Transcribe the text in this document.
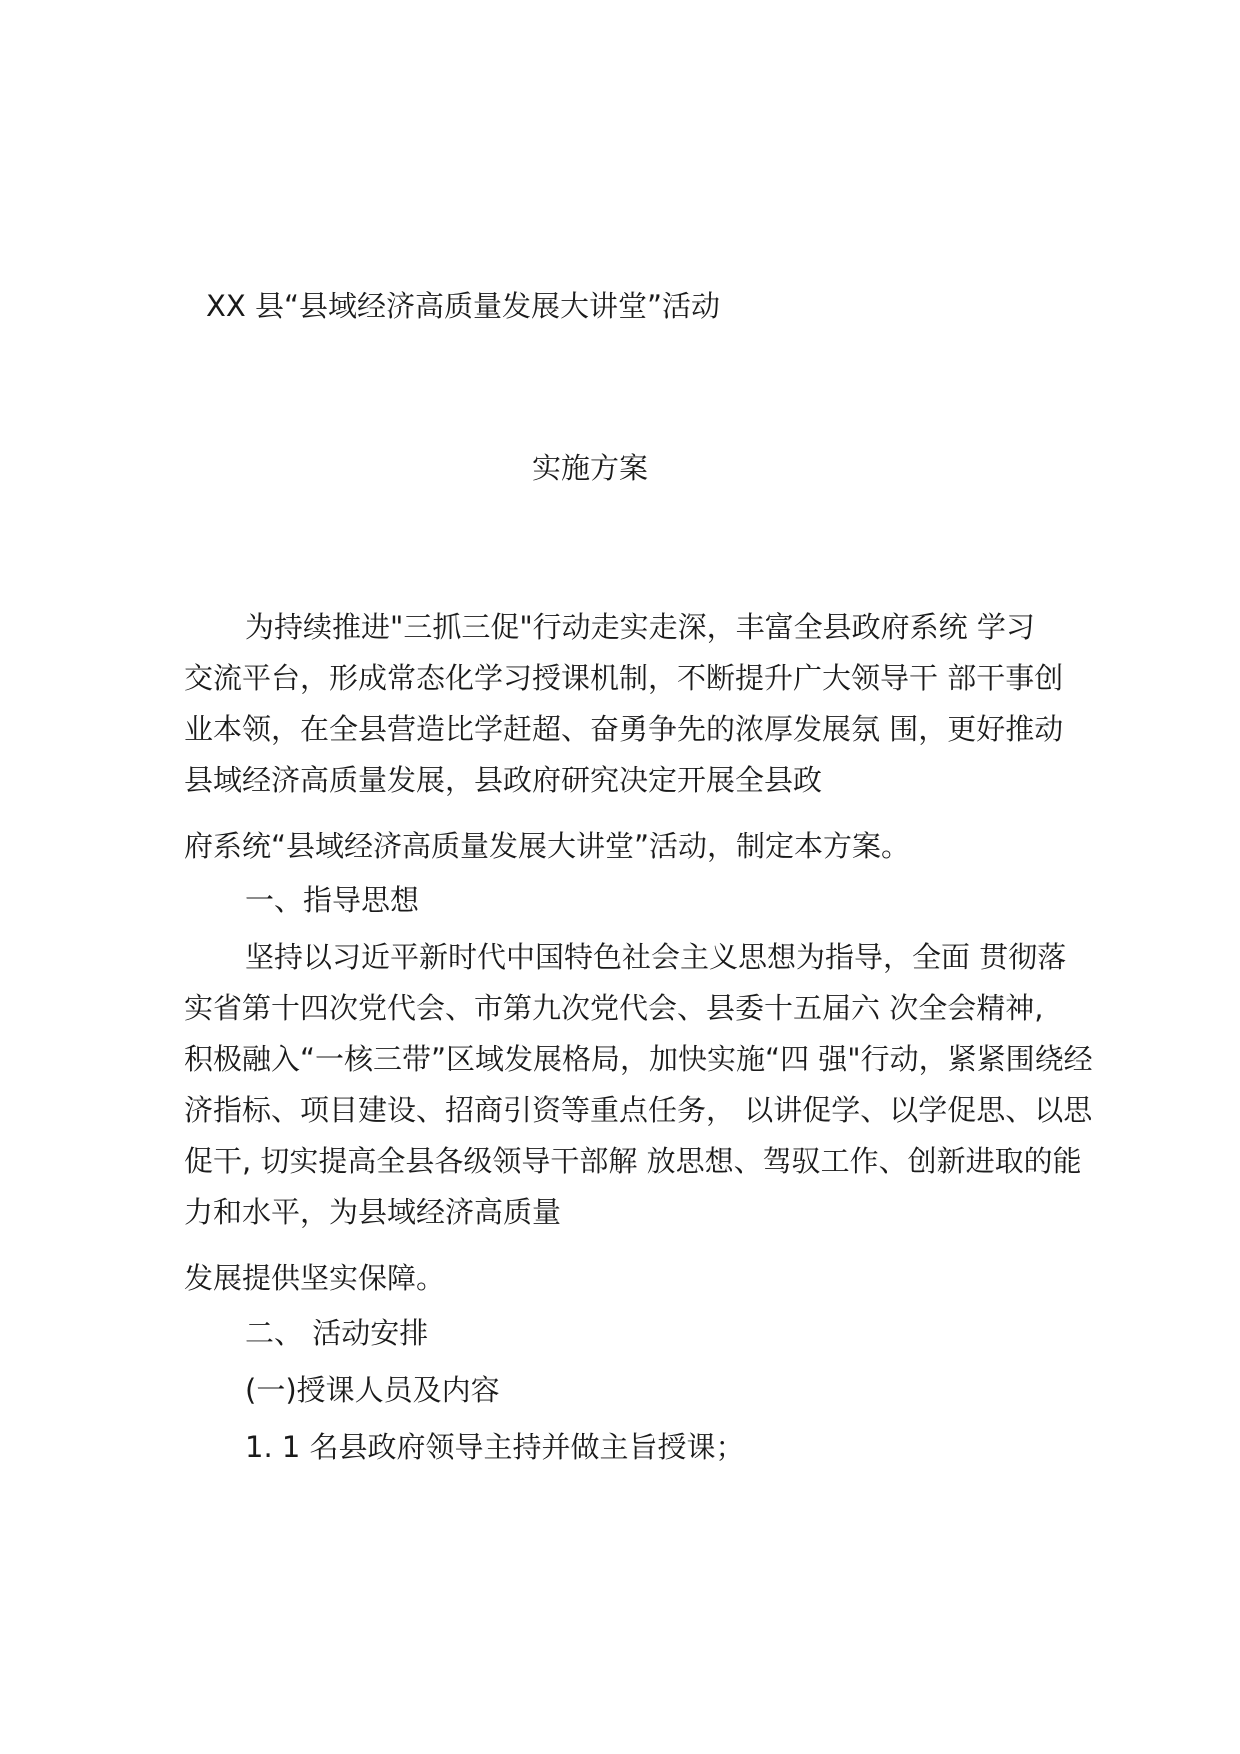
XX 县“县域经济高质量发展大讲堂”活动
实施方案
为持续推进"三抓三促"行动走实走深，丰富全县政府系统 学习
交流平台，形成常态化学习授课机制，不断提升广大领导干 部干事创
业本领，在全县营造比学赶超、奋勇争先的浓厚发展氛 围，更好推动
县域经济高质量发展，县政府研究决定开展全县政
府系统“县域经济高质量发展大讲堂”活动，制定本方案。
一、指导思想
坚持以习近平新时代中国特色社会主义思想为指导，全面 贯彻落
实省第十四次党代会、市第九次党代会、县委十五届六 次全会精神,
积极融入“一核三带”区域发展格局，加快实施“四 强"行动，紧紧围绕经
济指标、项目建设、招商引资等重点任务， 以讲促学、以学促思、以思
促干, 切实提高全县各级领导干部解 放思想、驾驭工作、创新进取的能
力和水平，为县域经济高质量
发展提供坚实保障。
二、 活动安排
(一)授课人员及内容
1. 1 名县政府领导主持并做主旨授课；
